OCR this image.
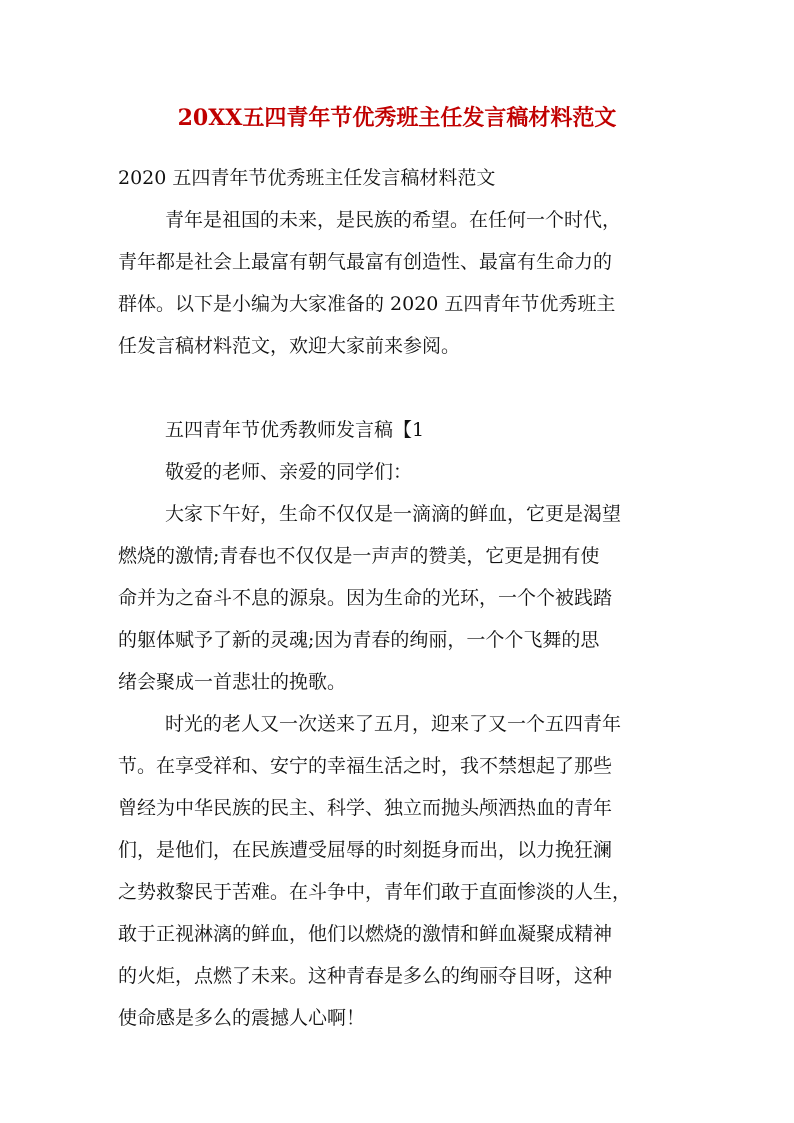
20XX五四青年节优秀班主任发言稿材料范文
2020 五四青年节优秀班主任发言稿材料范文
青年是祖国的未来，是民族的希望。在任何一个时代，
青年都是社会上最富有朝气最富有创造性、最富有生命力的
群体。以下是小编为大家准备的 2020 五四青年节优秀班主
任发言稿材料范文，欢迎大家前来参阅。
五四青年节优秀教师发言稿【1
敬爱的老师、亲爱的同学们：
大家下午好，生命不仅仅是一滴滴的鲜血，它更是渴望
燃烧的激情;青春也不仅仅是一声声的赞美，它更是拥有使
命并为之奋斗不息的源泉。因为生命的光环，一个个被践踏
的躯体赋予了新的灵魂;因为青春的绚丽，一个个飞舞的思
绪会聚成一首悲壮的挽歌。
时光的老人又一次送来了五月，迎来了又一个五四青年
节。在享受祥和、安宁的幸福生活之时，我不禁想起了那些
曾经为中华民族的民主、科学、独立而抛头颅洒热血的青年
们，是他们，在民族遭受屈辱的时刻挺身而出，以力挽狂澜
之势救黎民于苦难。在斗争中，青年们敢于直面惨淡的人生，
敢于正视淋漓的鲜血，他们以燃烧的激情和鲜血凝聚成精神
的火炬，点燃了未来。这种青春是多么的绚丽夺目呀，这种
使命感是多么的震撼人心啊！
